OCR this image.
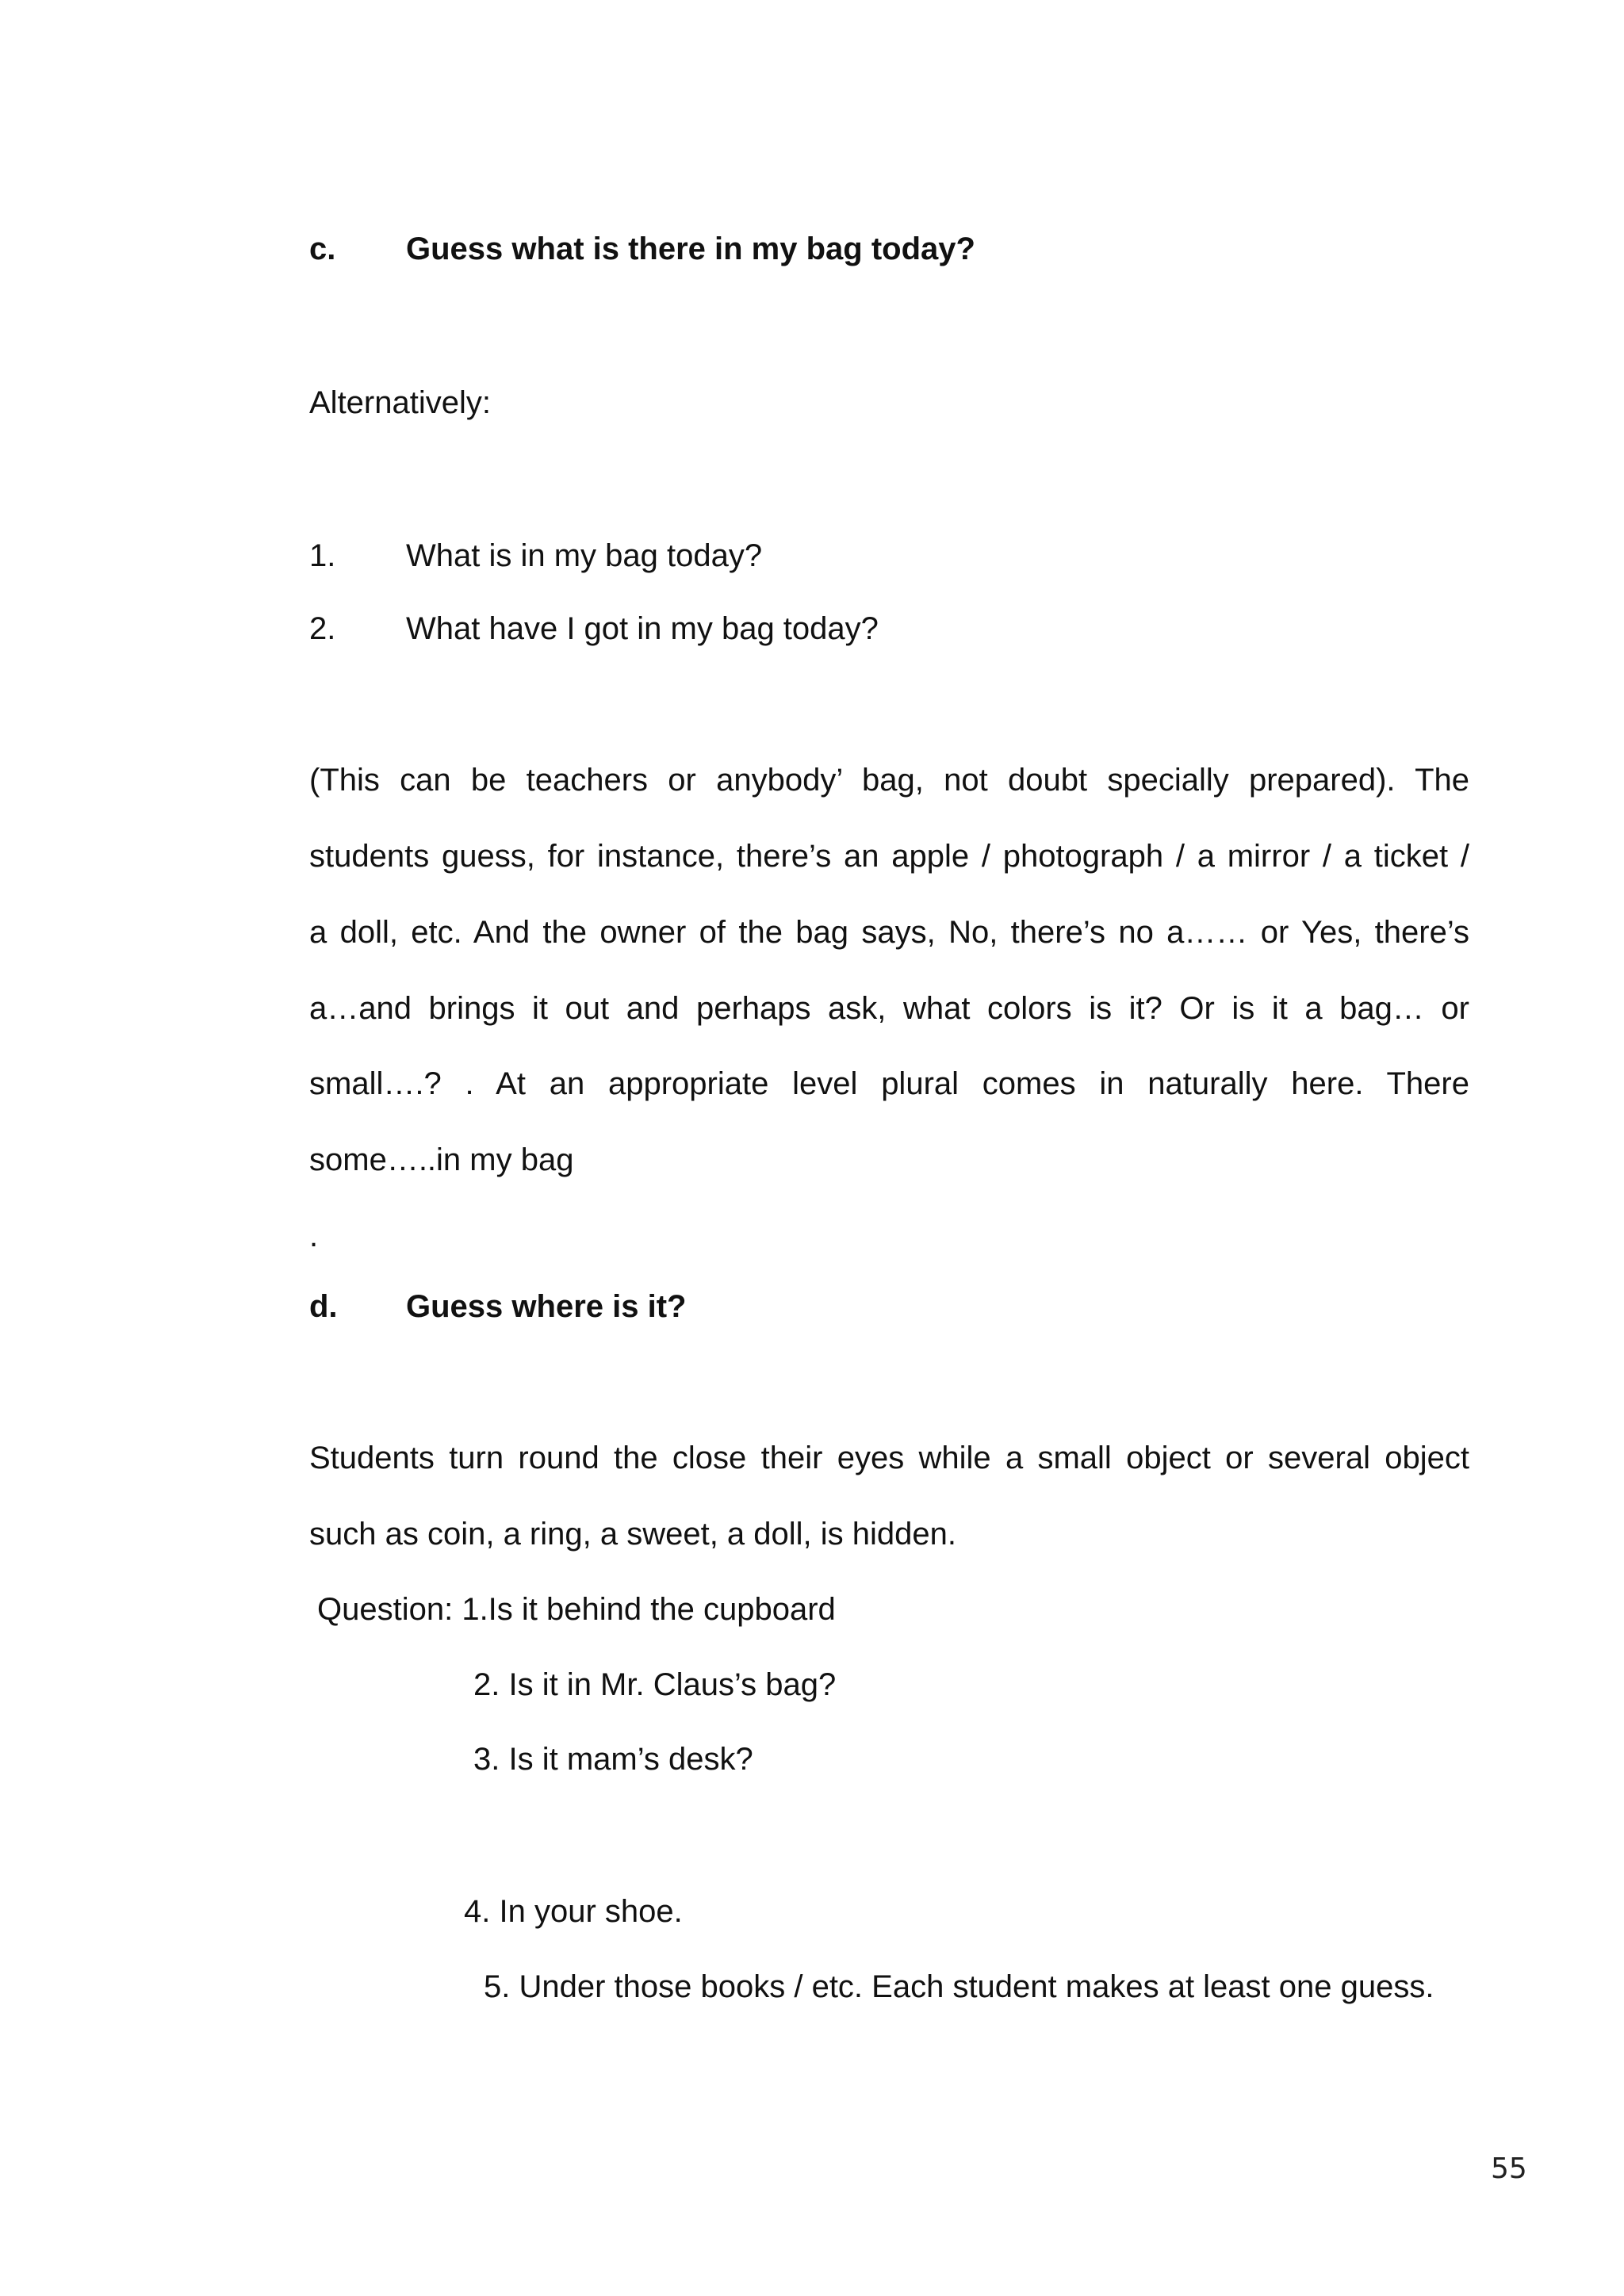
c. Guess what is there in my bag today?
Alternatively:
1. What is in my bag today?
2. What have I got in my bag today?
(This can be teachers or anybody’ bag, not doubt specially prepared). The
students guess, for instance, there’s an apple / photograph / a mirror / a ticket /
a doll, etc. And the owner of the bag says, No, there’s no a…… or Yes, there’s
a…and brings it out and perhaps ask, what colors is it? Or is it a bag… or
small….? . At an appropriate level plural comes in naturally here. There
some…..in my bag
.
d. Guess where is it?
Students turn round the close their eyes while a small object or several object
such as coin, a ring, a sweet, a doll, is hidden.
Question: 1.Is it behind the cupboard
2. Is it in Mr. Claus’s bag?
3. Is it mam’s desk?
4. In your shoe.
5. Under those books / etc. Each student makes at least one guess.
55
